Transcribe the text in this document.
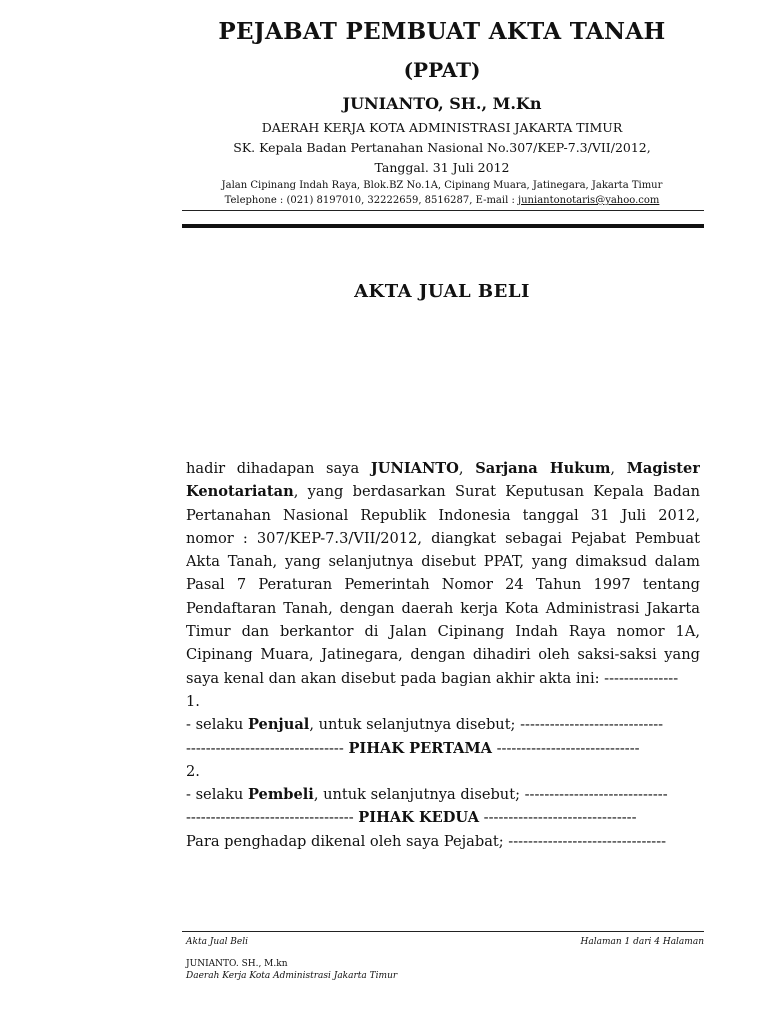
PEJABAT PEMBUAT AKTA TANAH
(PPAT)
JUNIANTO, SH., M.Kn
DAERAH KERJA KOTA ADMINISTRASI JAKARTA TIMUR
SK. Kepala Badan Pertanahan Nasional No.307/KEP-7.3/VII/2012,
Tanggal. 31 Juli 2012
Jalan Cipinang Indah Raya, Blok.BZ No.1A, Cipinang Muara, Jatinegara, Jakarta Timur
Telephone : (021) 8197010, 32222659, 8516287, E-mail : juniantonotaris@yahoo.com
AKTA JUAL BELI
hadir dihadapan saya JUNIANTO, Sarjana Hukum, Magister
Kenotariatan, yang berdasarkan Surat Keputusan Kepala Badan
Pertanahan Nasional Republik Indonesia tanggal 31 Juli 2012,
nomor : 307/KEP-7.3/VII/2012, diangkat sebagai Pejabat Pembuat
Akta Tanah, yang selanjutnya disebut PPAT, yang dimaksud dalam
Pasal 7 Peraturan Pemerintah Nomor 24 Tahun 1997 tentang
Pendaftaran Tanah, dengan daerah kerja Kota Administrasi Jakarta
Timur dan berkantor di Jalan Cipinang Indah Raya nomor 1A,
Cipinang Muara, Jatinegara, dengan dihadiri oleh saksi-saksi yang
saya kenal dan akan disebut pada bagian akhir akta ini: ---------------
1.
- selaku Penjual, untuk selanjutnya disebut; -----------------------------
-------------------------------- PIHAK PERTAMA -----------------------------
2.
- selaku Pembeli, untuk selanjutnya disebut; -----------------------------
---------------------------------- PIHAK KEDUA -------------------------------
Para penghadap dikenal oleh saya Pejabat; --------------------------------
Akta Jual Beli	Halaman 1 dari 4 Halaman
JUNIANTO. SH., M.kn
Daerah Kerja Kota Administrasi Jakarta Timur
